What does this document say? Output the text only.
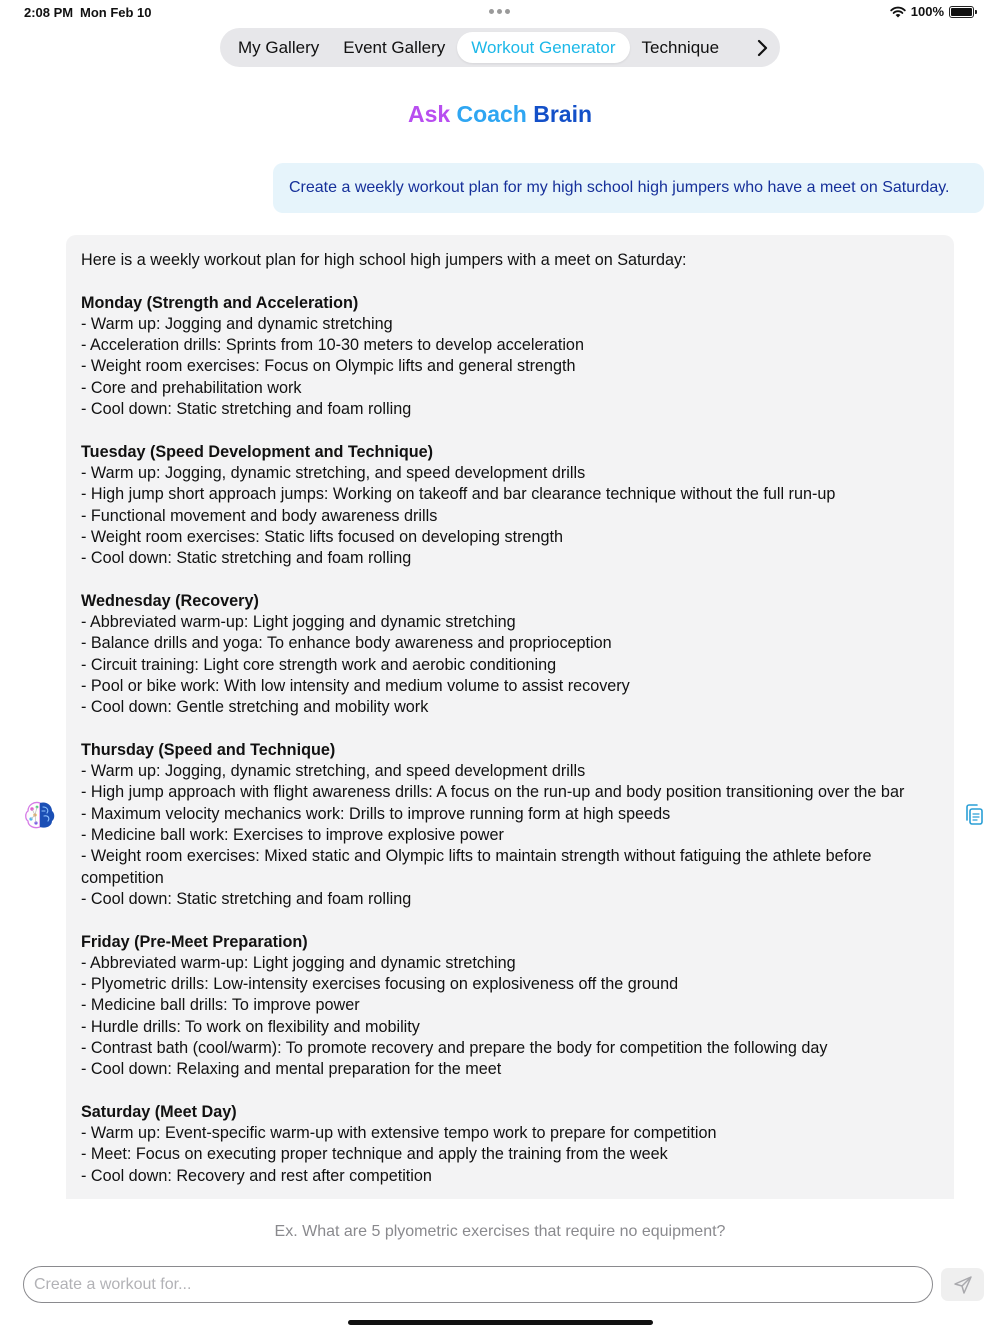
2:08 PM Mon Feb 10	100%
My Gallery	Event Gallery	Workout Generator	Technique
Ask Coach Brain
Create a weekly workout plan for my high school high jumpers who have a meet on Saturday.
Here is a weekly workout plan for high school high jumpers with a meet on Saturday:
Monday (Strength and Acceleration)
- Warm up: Jogging and dynamic stretching
- Acceleration drills: Sprints from 10-30 meters to develop acceleration
- Weight room exercises: Focus on Olympic lifts and general strength
- Core and prehabilitation work
- Cool down: Static stretching and foam rolling
Tuesday (Speed Development and Technique)
- Warm up: Jogging, dynamic stretching, and speed development drills
- High jump short approach jumps: Working on takeoff and bar clearance technique without the full run-up
- Functional movement and body awareness drills
- Weight room exercises: Static lifts focused on developing strength
- Cool down: Static stretching and foam rolling
Wednesday (Recovery)
- Abbreviated warm-up: Light jogging and dynamic stretching
- Balance drills and yoga: To enhance body awareness and proprioception
- Circuit training: Light core strength work and aerobic conditioning
- Pool or bike work: With low intensity and medium volume to assist recovery
- Cool down: Gentle stretching and mobility work
Thursday (Speed and Technique)
- Warm up: Jogging, dynamic stretching, and speed development drills
- High jump approach with flight awareness drills: A focus on the run-up and body position transitioning over the bar
- Maximum velocity mechanics work: Drills to improve running form at high speeds
- Medicine ball work: Exercises to improve explosive power
- Weight room exercises: Mixed static and Olympic lifts to maintain strength without fatiguing the athlete before competition
- Cool down: Static stretching and foam rolling
Friday (Pre-Meet Preparation)
- Abbreviated warm-up: Light jogging and dynamic stretching
- Plyometric drills: Low-intensity exercises focusing on explosiveness off the ground
- Medicine ball drills: To improve power
- Hurdle drills: To work on flexibility and mobility
- Contrast bath (cool/warm): To promote recovery and prepare the body for competition the following day
- Cool down: Relaxing and mental preparation for the meet
Saturday (Meet Day)
- Warm up: Event-specific warm-up with extensive tempo work to prepare for competition
- Meet: Focus on executing proper technique and apply the training from the week
- Cool down: Recovery and rest after competition
Ex. What are 5 plyometric exercises that require no equipment?
Create a workout for...
